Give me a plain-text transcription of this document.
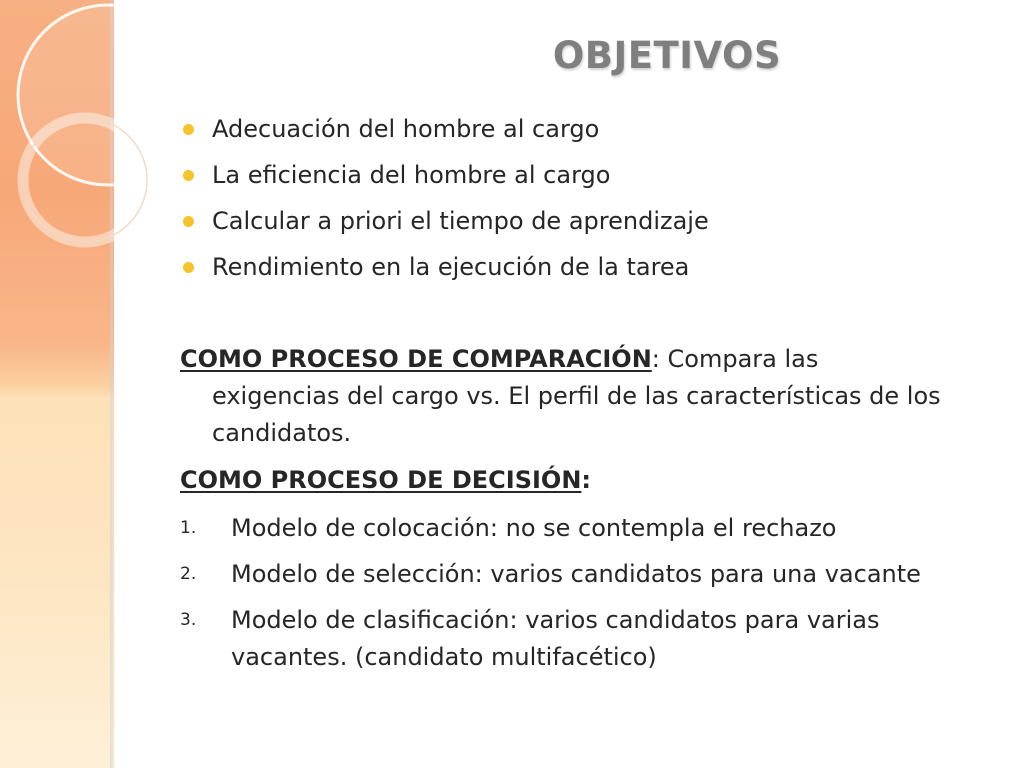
OBJETIVOS
Adecuación del hombre al cargo
La eficiencia del hombre al cargo
Calcular a priori el tiempo de aprendizaje
Rendimiento en la ejecución de la tarea

COMO PROCESO DE COMPARACIÓN: Compara las
exigencias del cargo vs. El perfil de las características de los candidatos.

COMO PROCESO DE DECISIÓN:

1. Modelo de colocación: no se contempla el rechazo
2. Modelo de selección: varios candidatos para una vacante
3. Modelo de clasificación: varios candidatos para varias vacantes. (candidato multifacético)
